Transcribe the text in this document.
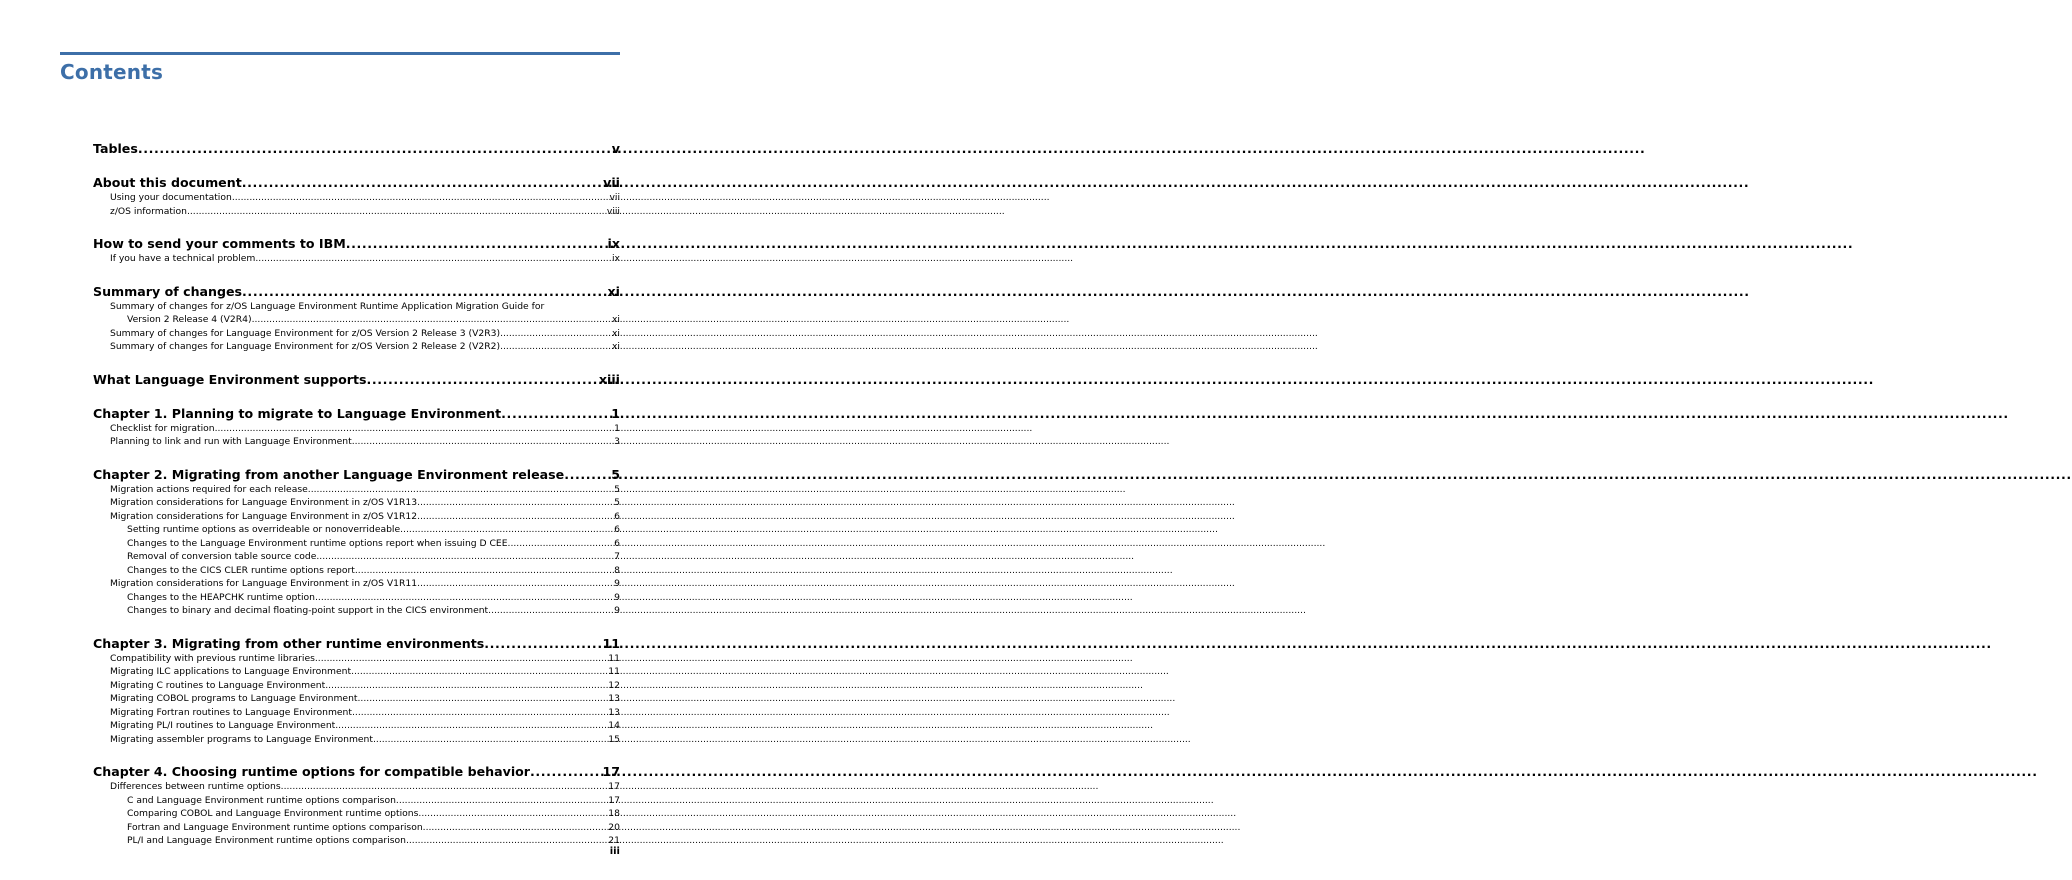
Contents
Tables .....	v
About this document .....	vii
Using your documentation .....	vii
z/OS information .....	viii
How to send your comments to IBM .....	ix
If you have a technical problem .....	ix
Summary of changes .....	xi
Summary of changes for z/OS Language Environment Runtime Application Migration Guide for
Version 2 Release 4 (V2R4) .....	xi
Summary of changes for Language Environment for z/OS Version 2 Release 3 (V2R3) .....	xi
Summary of changes for Language Environment for z/OS Version 2 Release 2 (V2R2) .....	xi
What Language Environment supports .....	xiii
Chapter 1. Planning to migrate to Language Environment .....	1
Checklist for migration .....	1
Planning to link and run with Language Environment .....	3
Chapter 2. Migrating from another Language Environment release .....	5
Migration actions required for each release .....	5
Migration considerations for Language Environment in z/OS V1R13 .....	5
Migration considerations for Language Environment in z/OS V1R12 .....	6
Setting runtime options as overrideable or nonoverrideable .....	6
Changes to the Language Environment runtime options report when issuing D CEE .....	6
Removal of conversion table source code .....	7
Changes to the CICS CLER runtime options report .....	8
Migration considerations for Language Environment in z/OS V1R11 .....	9
Changes to the HEAPCHK runtime option .....	9
Changes to binary and decimal floating-point support in the CICS environment .....	9
Chapter 3. Migrating from other runtime environments .....	11
Compatibility with previous runtime libraries .....	11
Migrating ILC applications to Language Environment .....	11
Migrating C routines to Language Environment .....	12
Migrating COBOL programs to Language Environment .....	13
Migrating Fortran routines to Language Environment .....	13
Migrating PL/I routines to Language Environment .....	14
Migrating assembler programs to Language Environment .....	15
Chapter 4. Choosing runtime options for compatible behavior .....	17
Differences between runtime options .....	17
C and Language Environment runtime options comparison .....	17
Comparing COBOL and Language Environment runtime options .....	18
Fortran and Language Environment runtime options comparison .....	20
PL/I and Language Environment runtime options comparison .....	21
iii
